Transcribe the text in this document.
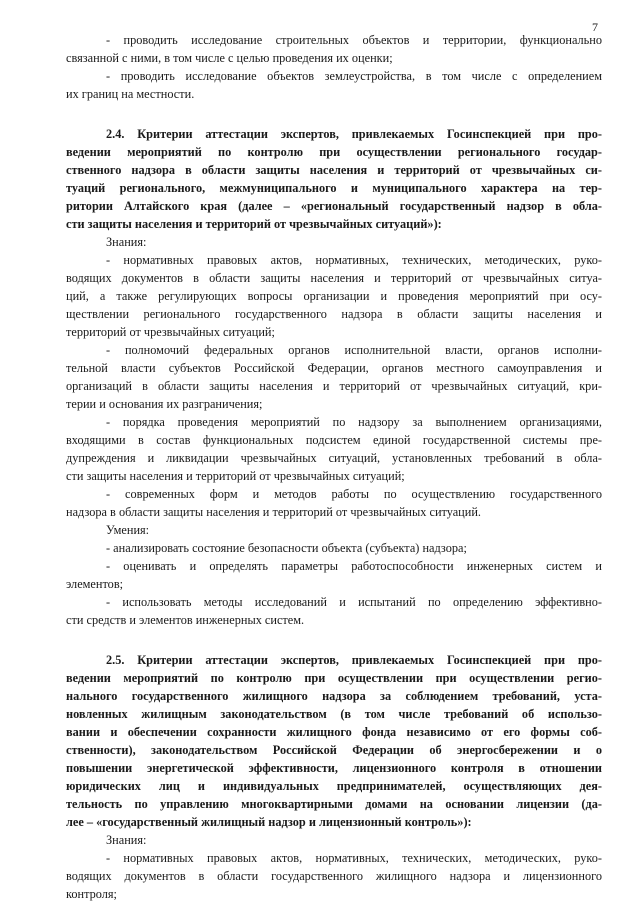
7
- проводить исследование строительных объектов и территории, функционально
связанной с ними, в том числе с целью проведения их оценки;
- проводить исследование объектов землеустройства, в том числе с определением
их границ на местности.
2.4. Критерии аттестации экспертов, привлекаемых Госинспекцией при про-
ведении мероприятий по контролю при осуществлении регионального государ-
ственного надзора в области защиты населения и территорий от чрезвычайных си-
туаций регионального, межмуниципального и муниципального характера на тер-
ритории Алтайского края (далее – «региональный государственный надзор в обла-
сти защиты населения и территорий от чрезвычайных ситуаций»):
Знания:
- нормативных правовых актов, нормативных, технических, методических, руко-
водящих документов в области защиты населения и территорий от чрезвычайных ситуа-
ций, а также регулирующих вопросы организации и проведения мероприятий при осу-
ществлении регионального государственного надзора в области защиты населения и
территорий от чрезвычайных ситуаций;
- полномочий федеральных органов исполнительной власти, органов исполни-
тельной власти субъектов Российской Федерации, органов местного самоуправления и
организаций в области защиты населения и территорий от чрезвычайных ситуаций, кри-
терии и основания их разграничения;
- порядка проведения мероприятий по надзору за выполнением организациями,
входящими в состав функциональных подсистем единой государственной системы пре-
дупреждения и ликвидации чрезвычайных ситуаций, установленных требований в обла-
сти защиты населения и территорий от чрезвычайных ситуаций;
- современных форм и методов работы по осуществлению государственного
надзора в области защиты населения и территорий от чрезвычайных ситуаций.
Умения:
- анализировать состояние безопасности объекта (субъекта) надзора;
- оценивать и определять параметры работоспособности инженерных систем и
элементов;
- использовать методы исследований и испытаний по определению эффективно-
сти средств и элементов инженерных систем.
2.5. Критерии аттестации экспертов, привлекаемых Госинспекцией при про-
ведении мероприятий по контролю при осуществлении при осуществлении регио-
нального государственного жилищного надзора за соблюдением требований, уста-
новленных жилищным законодательством (в том числе требований об использо-
вании и обеспечении сохранности жилищного фонда независимо от его формы соб-
ственности), законодательством Российской Федерации об энергосбережении и о
повышении энергетической эффективности, лицензионного контроля в отношении
юридических лиц и индивидуальных предпринимателей, осуществляющих дея-
тельность по управлению многоквартирными домами на основании лицензии (да-
лее – «государственный жилищный надзор и лицензионный контроль»):
Знания:
- нормативных правовых актов, нормативных, технических, методических, руко-
водящих документов в области государственного жилищного надзора и лицензионного
контроля;
